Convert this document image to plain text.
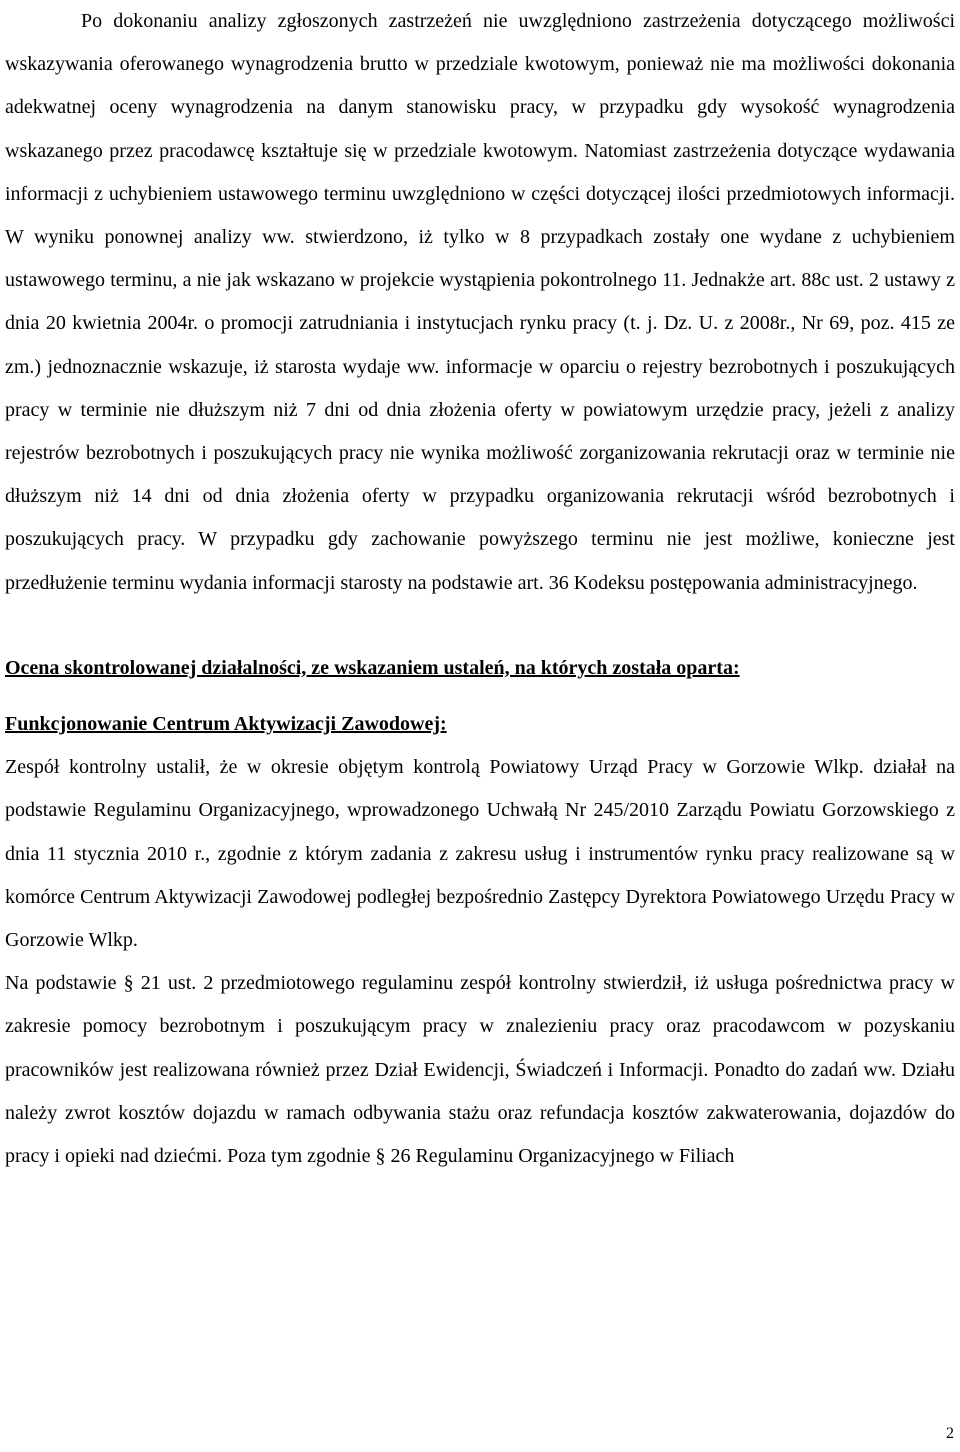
Po dokonaniu analizy zgłoszonych zastrzeżeń nie uwzględniono zastrzeżenia dotyczącego możliwości wskazywania oferowanego wynagrodzenia brutto w przedziale kwotowym, ponieważ nie ma możliwości dokonania adekwatnej oceny wynagrodzenia na danym stanowisku pracy, w przypadku gdy wysokość wynagrodzenia wskazanego przez pracodawcę kształtuje się w przedziale kwotowym. Natomiast zastrzeżenia dotyczące wydawania informacji z uchybieniem ustawowego terminu uwzględniono w części dotyczącej ilości przedmiotowych informacji. W wyniku ponownej analizy ww. stwierdzono, iż tylko w 8 przypadkach zostały one wydane z uchybieniem ustawowego terminu, a nie jak wskazano w projekcie wystąpienia pokontrolnego 11. Jednakże art. 88c ust. 2 ustawy z dnia 20 kwietnia 2004r. o promocji zatrudniania i instytucjach rynku pracy (t. j. Dz. U. z 2008r., Nr 69, poz. 415 ze zm.) jednoznacznie wskazuje, iż starosta wydaje ww. informacje w oparciu o rejestry bezrobotnych i poszukujących pracy w terminie nie dłuższym niż 7 dni od dnia złożenia oferty w powiatowym urzędzie pracy, jeżeli z analizy rejestrów bezrobotnych i poszukujących pracy nie wynika możliwość zorganizowania rekrutacji oraz w terminie nie dłuższym niż 14 dni od dnia złożenia oferty w przypadku organizowania rekrutacji wśród bezrobotnych i poszukujących pracy. W przypadku gdy zachowanie powyższego terminu nie jest możliwe, konieczne jest przedłużenie terminu wydania informacji starosty na podstawie art. 36 Kodeksu postępowania administracyjnego.

Ocena skontrolowanej działalności, ze wskazaniem ustaleń, na których została oparta:

Funkcjonowanie Centrum Aktywizacji Zawodowej:

Zespół kontrolny ustalił, że w okresie objętym kontrolą Powiatowy Urząd Pracy w Gorzowie Wlkp. działał na podstawie Regulaminu Organizacyjnego, wprowadzonego Uchwałą Nr 245/2010 Zarządu Powiatu Gorzowskiego z dnia 11 stycznia 2010 r., zgodnie z którym zadania z zakresu usług i instrumentów rynku pracy realizowane są w komórce Centrum Aktywizacji Zawodowej podległej bezpośrednio Zastępcy Dyrektora Powiatowego Urzędu Pracy w Gorzowie Wlkp.

Na podstawie § 21 ust. 2 przedmiotowego regulaminu zespół kontrolny stwierdził, iż usługa pośrednictwa pracy w zakresie pomocy bezrobotnym i poszukującym pracy w znalezieniu pracy oraz pracodawcom w pozyskaniu pracowników jest realizowana również przez Dział Ewidencji, Świadczeń i Informacji. Ponadto do zadań ww. Działu należy zwrot kosztów dojazdu w ramach odbywania stażu oraz refundacja kosztów zakwaterowania, dojazdów do pracy i opieki nad dziećmi. Poza tym zgodnie § 26 Regulaminu Organizacyjnego w Filiach

2
